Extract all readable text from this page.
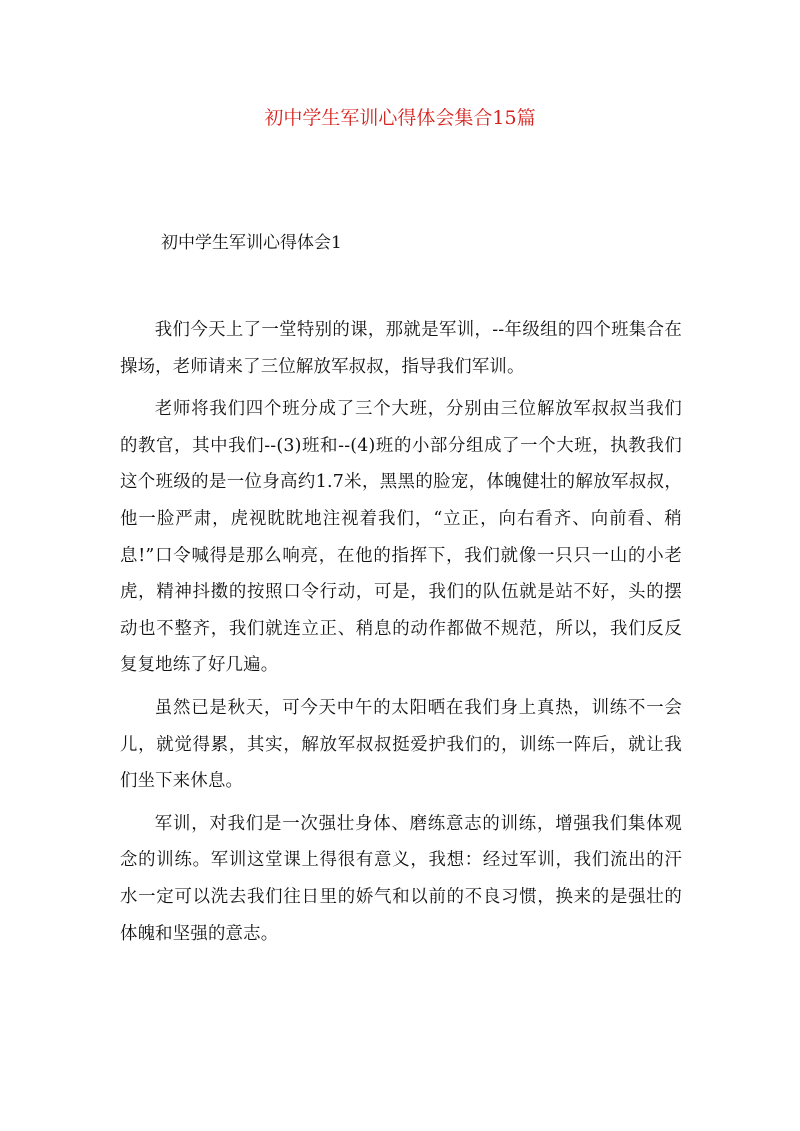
初中学生军训心得体会集合15篇
初中学生军训心得体会1

我们今天上了一堂特别的课，那就是军训，--年级组的四个班集合在操场，老师请来了三位解放军叔叔，指导我们军训。

老师将我们四个班分成了三个大班，分别由三位解放军叔叔当我们的教官，其中我们--(3)班和--(4)班的小部分组成了一个大班，执教我们这个班级的是一位身高约1.7米，黑黑的脸宠，体魄健壮的解放军叔叔，他一脸严肃，虎视眈眈地注视着我们，“立正，向右看齐、向前看、稍息!”口令喊得是那么响亮，在他的指挥下，我们就像一只只一山的小老虎，精神抖擞的按照口令行动，可是，我们的队伍就是站不好，头的摆动也不整齐，我们就连立正、稍息的动作都做不规范，所以，我们反反复复地练了好几遍。

虽然已是秋天，可今天中午的太阳晒在我们身上真热，训练不一会儿，就觉得累，其实，解放军叔叔挺爱护我们的，训练一阵后，就让我们坐下来休息。

军训，对我们是一次强壮身体、磨练意志的训练，增强我们集体观念的训练。军训这堂课上得很有意义，我想：经过军训，我们流出的汗水一定可以洗去我们往日里的娇气和以前的不良习惯，换来的是强壮的体魄和坚强的意志。
